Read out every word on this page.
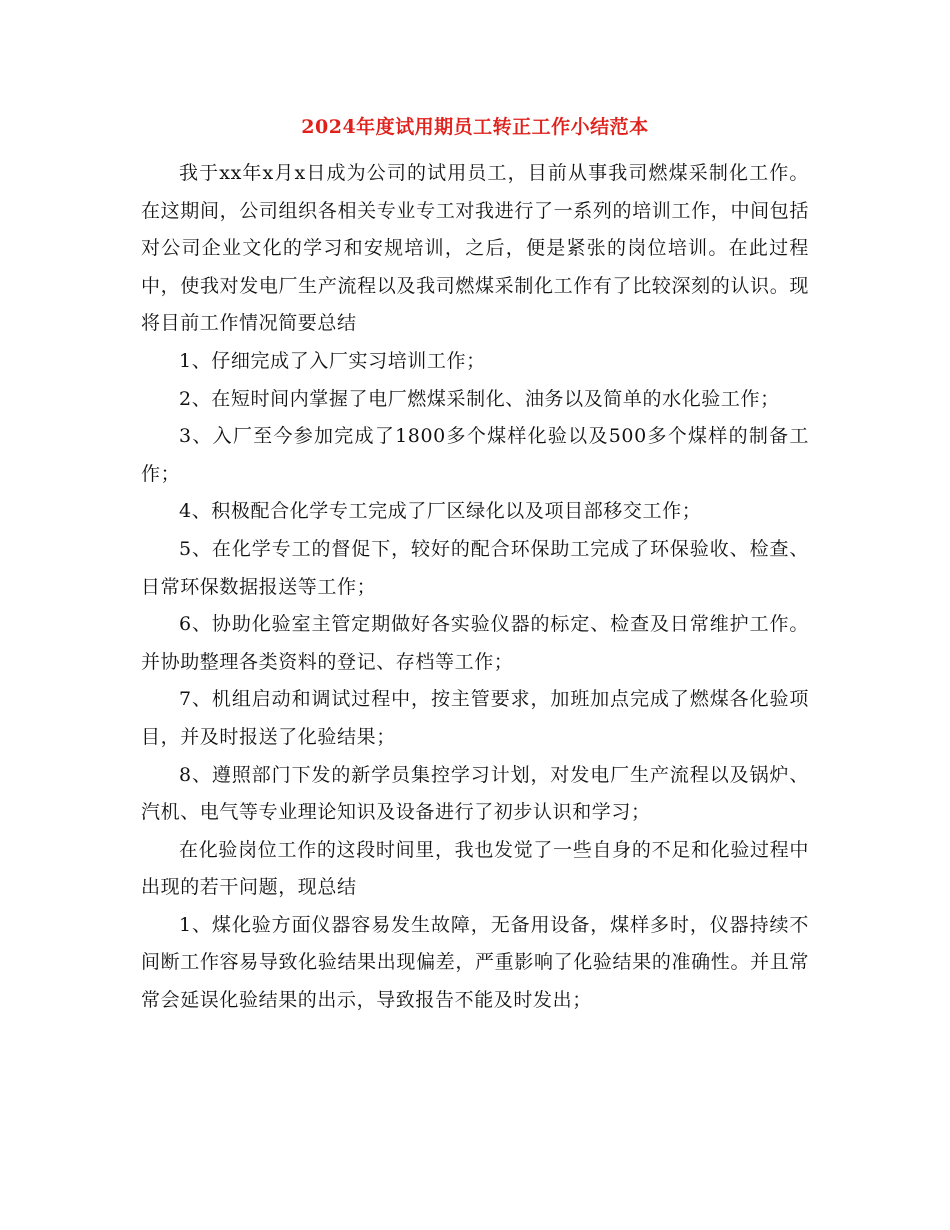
2024年度试用期员工转正工作小结范本

我于xx年x月x日成为公司的试用员工，目前从事我司燃煤采制化工作。在这期间，公司组织各相关专业专工对我进行了一系列的培训工作，中间包括对公司企业文化的学习和安规培训，之后，便是紧张的岗位培训。在此过程中，使我对发电厂生产流程以及我司燃煤采制化工作有了比较深刻的认识。现将目前工作情况简要总结

1、仔细完成了入厂实习培训工作；

2、在短时间内掌握了电厂燃煤采制化、油务以及简单的水化验工作；

3、入厂至今参加完成了1800多个煤样化验以及500多个煤样的制备工作；

4、积极配合化学专工完成了厂区绿化以及项目部移交工作；

5、在化学专工的督促下，较好的配合环保助工完成了环保验收、检查、日常环保数据报送等工作；

6、协助化验室主管定期做好各实验仪器的标定、检查及日常维护工作。并协助整理各类资料的登记、存档等工作；

7、机组启动和调试过程中，按主管要求，加班加点完成了燃煤各化验项目，并及时报送了化验结果；

8、遵照部门下发的新学员集控学习计划，对发电厂生产流程以及锅炉、汽机、电气等专业理论知识及设备进行了初步认识和学习；

在化验岗位工作的这段时间里，我也发觉了一些自身的不足和化验过程中出现的若干问题，现总结

1、煤化验方面仪器容易发生故障，无备用设备，煤样多时，仪器持续不间断工作容易导致化验结果出现偏差，严重影响了化验结果的准确性。并且常常会延误化验结果的出示，导致报告不能及时发出；
